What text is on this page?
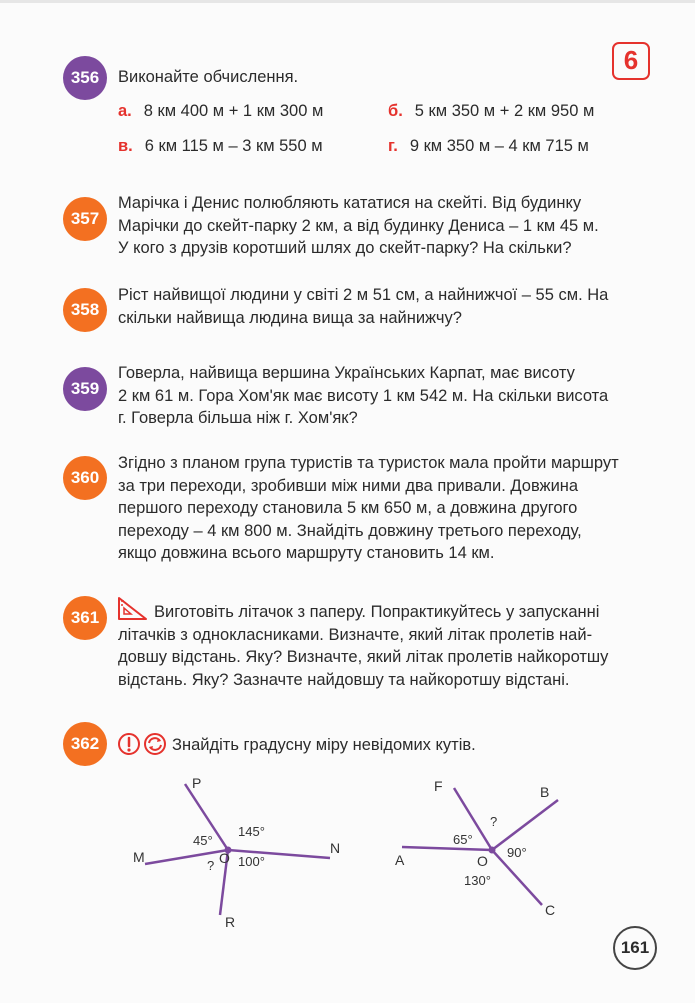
6
356	Виконайте обчислення.
а. 8 км 400 м + 1 км 300 м	б. 5 км 350 м + 2 км 950 м
в. 6 км 115 м – 3 км 550 м	г. 9 км 350 м – 4 км 715 м
357
Марічка і Денис полюбляють кататися на скейті. Від будинку
Марічки до скейт-парку 2 км, а від будинку Дениса – 1 км 45 м.
У кого з друзів коротший шлях до скейт-парку? На скільки?
358
Ріст найвищої людини у світі 2 м 51 см, а найнижчої – 55 см. На
скільки найвища людина вища за найнижчу?
359
Говерла, найвища вершина Українських Карпат, має висоту
2 км 61 м. Гора Хом'як має висоту 1 км 542 м. На скільки висота
г. Говерла більша ніж г. Хом'як?
360
Згідно з планом група туристів та туристок мала пройти маршрут
за три переходи, зробивши між ними два привали. Довжина
першого переходу становила 5 км 650 м, а довжина другого
переходу – 4 км 800 м. Знайдіть довжину третього переходу,
якщо довжина всього маршруту становить 14 км.
361	Виготовіть літачок з паперу. Попрактикуйтесь у запусканні
літачків з однокласниками. Визначте, який літак пролетів най-
довшу відстань. Яку? Визначте, який літак пролетів найкоротшу
відстань. Яку? Зазначте найдовшу та найкоротшу відстані.
362	Знайдіть градусну міру невідомих кутів.
P
M
N
R
O
45°
145°
100°
?
F	B
A
C
O
65°
?
90°
130°
161
